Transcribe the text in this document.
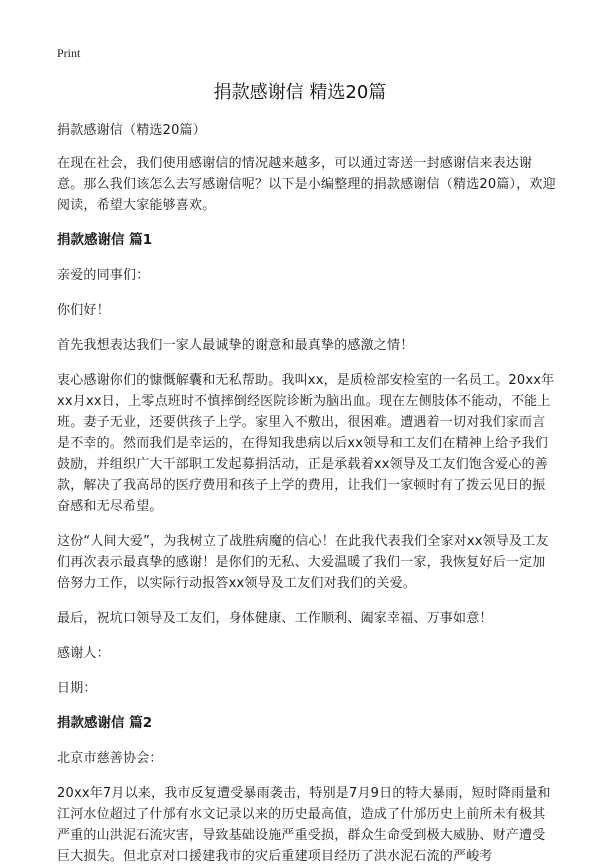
Print
捐款感谢信 精选20篇

捐款感谢信（精选20篇）

在现在社会，我们使用感谢信的情况越来越多，可以通过寄送一封感谢信来表达谢意。那么我们该怎么去写感谢信呢？以下是小编整理的捐款感谢信（精选20篇），欢迎阅读，希望大家能够喜欢。

捐款感谢信 篇1

亲爱的同事们：

你们好！

首先我想表达我们一家人最诚挚的谢意和最真挚的感激之情！

衷心感谢你们的慷慨解囊和无私帮助。我叫xx，是质检部安检室的一名员工。20xx年xx月xx日，上零点班时不慎摔倒经医院诊断为脑出血。现在左侧肢体不能动，不能上班。妻子无业，还要供孩子上学。家里入不敷出，很困难。遭遇着一切对我们家而言是不幸的。然而我们是幸运的，在得知我患病以后xx领导和工友们在精神上给予我们鼓励，并组织广大干部职工发起募捐活动，正是承载着xx领导及工友们饱含爱心的善款，解决了我高昂的医疗费用和孩子上学的费用，让我们一家顿时有了拨云见日的振奋感和无尽希望。

这份“人间大爱”，为我树立了战胜病魔的信心！在此我代表我们全家对xx领导及工友们再次表示最真挚的感谢！是你们的无私、大爱温暖了我们一家，我恢复好后一定加倍努力工作，以实际行动报答xx领导及工友们对我们的关爱。

最后，祝坑口领导及工友们，身体健康、工作顺利、阖家幸福、万事如意！

感谢人：

日期：

捐款感谢信 篇2

北京市慈善协会：

20xx年7月以来，我市反复遭受暴雨袭击，特别是7月9日的特大暴雨，短时降雨量和江河水位超过了什邡有水文记录以来的历史最高值，造成了什邡历史上前所未有极其严重的山洪泥石流灾害，导致基础设施严重受损，群众生命受到极大威胁、财产遭受巨大损失。但北京对口援建我市的灾后重建项目经历了洪水泥石流的严峻考
